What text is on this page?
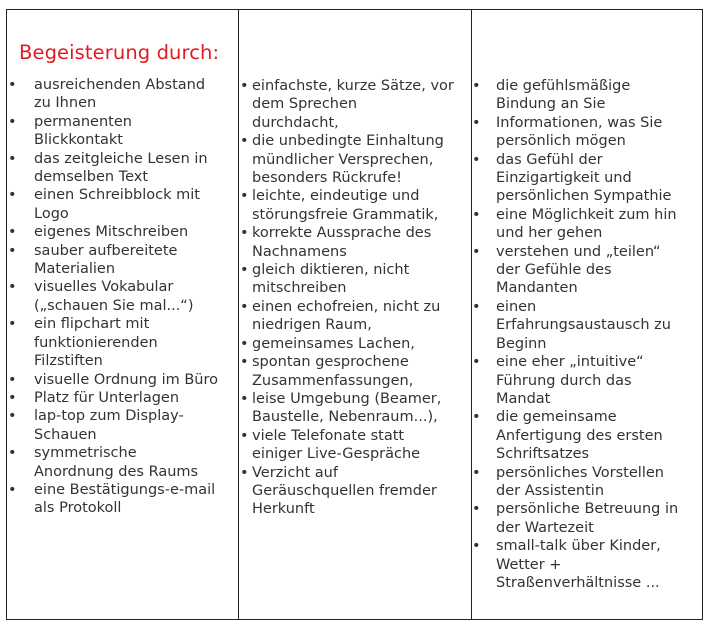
Begeisterung durch:
• ausreichenden Abstand
zu Ihnen
• permanenten
Blickkontakt
• das zeitgleiche Lesen in
demselben Text
• einen Schreibblock mit
Logo
• eigenes Mitschreiben
• sauber aufbereitete
Materialien
• visuelles Vokabular
(„schauen Sie mal...“)
• ein flipchart mit
funktionierenden
Filzstiften
• visuelle Ordnung im Büro
• Platz für Unterlagen
• lap-top zum Display-Schauen
• symmetrische
Anordnung des Raums
• eine Bestätigungs-e-mail
als Protokoll
• einfachste, kurze Sätze, vor
dem Sprechen
durchdacht,
• die unbedingte Einhaltung
mündlicher Versprechen,
besonders Rückrufe!
• leichte, eindeutige und
störungsfreie Grammatik,
• korrekte Aussprache des
Nachnamens
• gleich diktieren, nicht
mitschreiben
• einen echofreien, nicht zu
niedrigen Raum,
• gemeinsames Lachen,
• spontan gesprochene
Zusammenfassungen,
• leise Umgebung (Beamer,
Baustelle, Nebenraum...),
• viele Telefonate statt
einiger Live-Gespräche
• Verzicht auf
Geräuschquellen fremder
Herkunft
• die gefühlsmäßige
Bindung an Sie
• Informationen, was Sie
persönlich mögen
• das Gefühl der
Einzigartigkeit und
persönlichen Sympathie
• eine Möglichkeit zum hin
und her gehen
• verstehen und „teilen“
der Gefühle des
Mandanten
• einen
Erfahrungsaustausch zu
Beginn
• eine eher „intuitive“
Führung durch das
Mandat
• die gemeinsame
Anfertigung des ersten
Schriftsatzes
• persönliches Vorstellen
der Assistentin
• persönliche Betreuung in
der Wartezeit
• small-talk über Kinder,
Wetter +
Straßenverhältnisse ...
